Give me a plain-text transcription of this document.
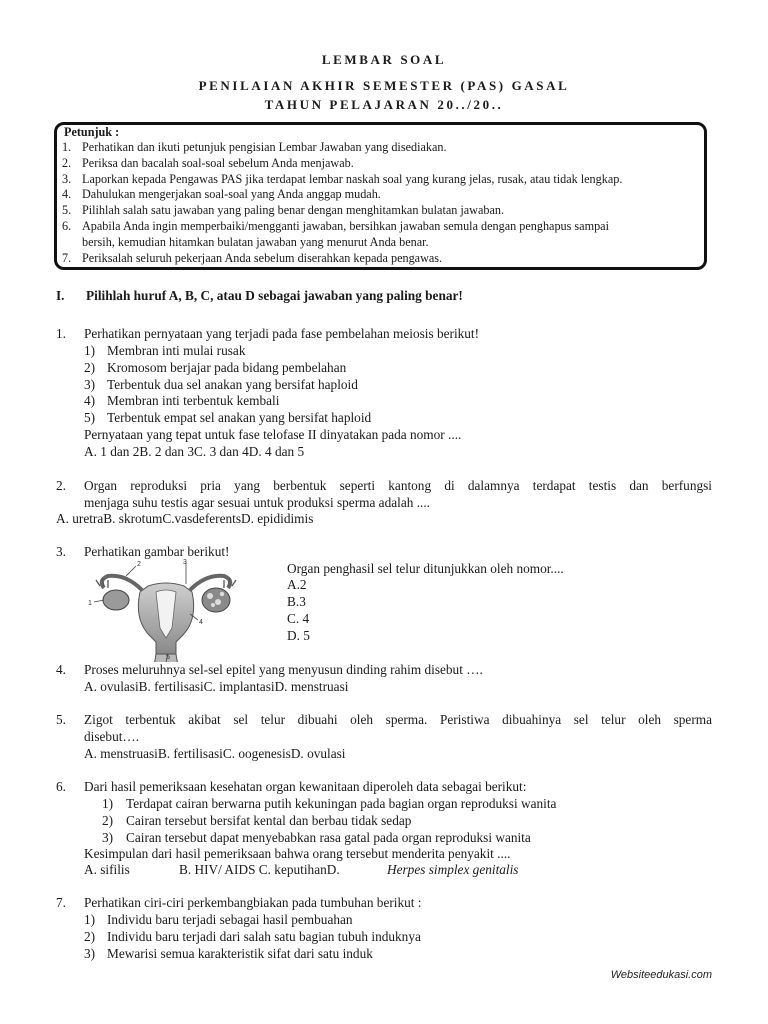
LEMBAR SOAL
PENILAIAN AKHIR SEMESTER (PAS) GASAL
TAHUN PELAJARAN 20../20..
Petunjuk :
1. Perhatikan dan ikuti petunjuk pengisian Lembar Jawaban yang disediakan.
2. Periksa dan bacalah soal-soal sebelum Anda menjawab.
3. Laporkan kepada Pengawas PAS jika terdapat lembar naskah soal yang kurang jelas, rusak, atau tidak lengkap.
4. Dahulukan mengerjakan soal-soal yang Anda anggap mudah.
5. Pilihlah salah satu jawaban yang paling benar dengan menghitamkan bulatan jawaban.
6. Apabila Anda ingin memperbaiki/mengganti jawaban, bersihkan jawaban semula dengan penghapus sampai
bersih, kemudian hitamkan bulatan jawaban yang menurut Anda benar.
7. Periksalah seluruh pekerjaan Anda sebelum diserahkan kepada pengawas.
I. Pilihlah huruf A, B, C, atau D sebagai jawaban yang paling benar!
1. Perhatikan pernyataan yang terjadi pada fase pembelahan meiosis berikut!
1) Membran inti mulai rusak
2) Kromosom berjajar pada bidang pembelahan
3) Terbentuk dua sel anakan yang bersifat haploid
4) Membran inti terbentuk kembali
5) Terbentuk empat sel anakan yang bersifat haploid
Pernyataan yang tepat untuk fase telofase II dinyatakan pada nomor ....
A. 1 dan 2B. 2 dan 3C. 3 dan 4D. 4 dan 5
2. Organ reproduksi pria yang berbentuk seperti kantong di dalamnya terdapat testis dan berfungsi
menjaga suhu testis agar sesuai untuk produksi sperma adalah ....
A. uretraB. skrotumC.vasdeferentsD. epididimis
3. Perhatikan gambar berikut!
Organ penghasil sel telur ditunjukkan oleh nomor....
A.2
B.3
C. 4
D. 5
1
2	3
4
5
4. Proses meluruhnya sel-sel epitel yang menyusun dinding rahim disebut ….
A. ovulasiB. fertilisasiC. implantasiD. menstruasi
5. Zigot terbentuk akibat sel telur dibuahi oleh sperma. Peristiwa dibuahinya sel telur oleh sperma
disebut….
A. menstruasiB. fertilisasiC. oogenesisD. ovulasi
6. Dari hasil pemeriksaan kesehatan organ kewanitaan diperoleh data sebagai berikut:
1) Terdapat cairan berwarna putih kekuningan pada bagian organ reproduksi wanita
2) Cairan tersebut bersifat kental dan berbau tidak sedap
3) Cairan tersebut dapat menyebabkan rasa gatal pada organ reproduksi wanita
Kesimpulan dari hasil pemeriksaan bahwa orang tersebut menderita penyakit ....
A. sifilis	B. HIV/ AIDS C. keputihanD.	Herpes simplex genitalis
7. Perhatikan ciri-ciri perkembangbiakan pada tumbuhan berikut :
1) Individu baru terjadi sebagai hasil pembuahan
2) Individu baru terjadi dari salah satu bagian tubuh induknya
3) Mewarisi semua karakteristik sifat dari satu induk
Websiteedukasi.com
